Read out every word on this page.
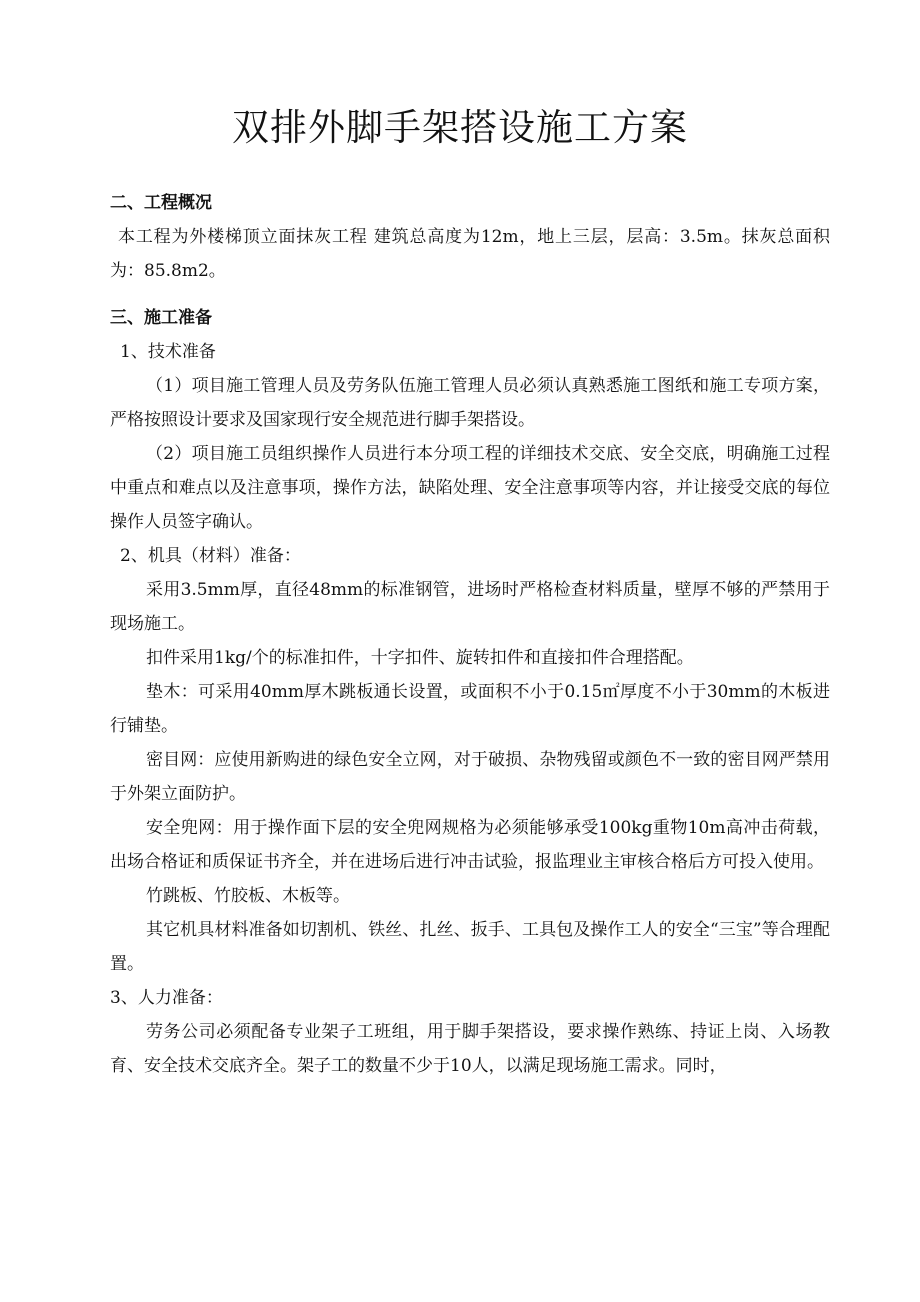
双排外脚手架搭设施工方案

二、工程概况

本工程为外楼梯顶立面抹灰工程 建筑总高度为12m，地上三层，层高：3.5m。抹灰总面积为：85.8m2。

三、施工准备

1、技术准备

（1）项目施工管理人员及劳务队伍施工管理人员必须认真熟悉施工图纸和施工专项方案，严格按照设计要求及国家现行安全规范进行脚手架搭设。

（2）项目施工员组织操作人员进行本分项工程的详细技术交底、安全交底，明确施工过程中重点和难点以及注意事项，操作方法，缺陷处理、安全注意事项等内容，并让接受交底的每位操作人员签字确认。

2、机具（材料）准备：

采用3.5mm厚，直径48mm的标准钢管，进场时严格检查材料质量，壁厚不够的严禁用于现场施工。

扣件采用1kg/个的标准扣件，十字扣件、旋转扣件和直接扣件合理搭配。

垫木：可采用40mm厚木跳板通长设置，或面积不小于0.15㎡厚度不小于30mm的木板进行铺垫。

密目网：应使用新购进的绿色安全立网，对于破损、杂物残留或颜色不一致的密目网严禁用于外架立面防护。

安全兜网：用于操作面下层的安全兜网规格为必须能够承受100kg重物10m高冲击荷载，出场合格证和质保证书齐全，并在进场后进行冲击试验，报监理业主审核合格后方可投入使用。

竹跳板、竹胶板、木板等。

其它机具材料准备如切割机、铁丝、扎丝、扳手、工具包及操作工人的安全“三宝”等合理配置。

3、人力准备：

劳务公司必须配备专业架子工班组，用于脚手架搭设，要求操作熟练、持证上岗、入场教育、安全技术交底齐全。架子工的数量不少于10人，以满足现场施工需求。同时，
